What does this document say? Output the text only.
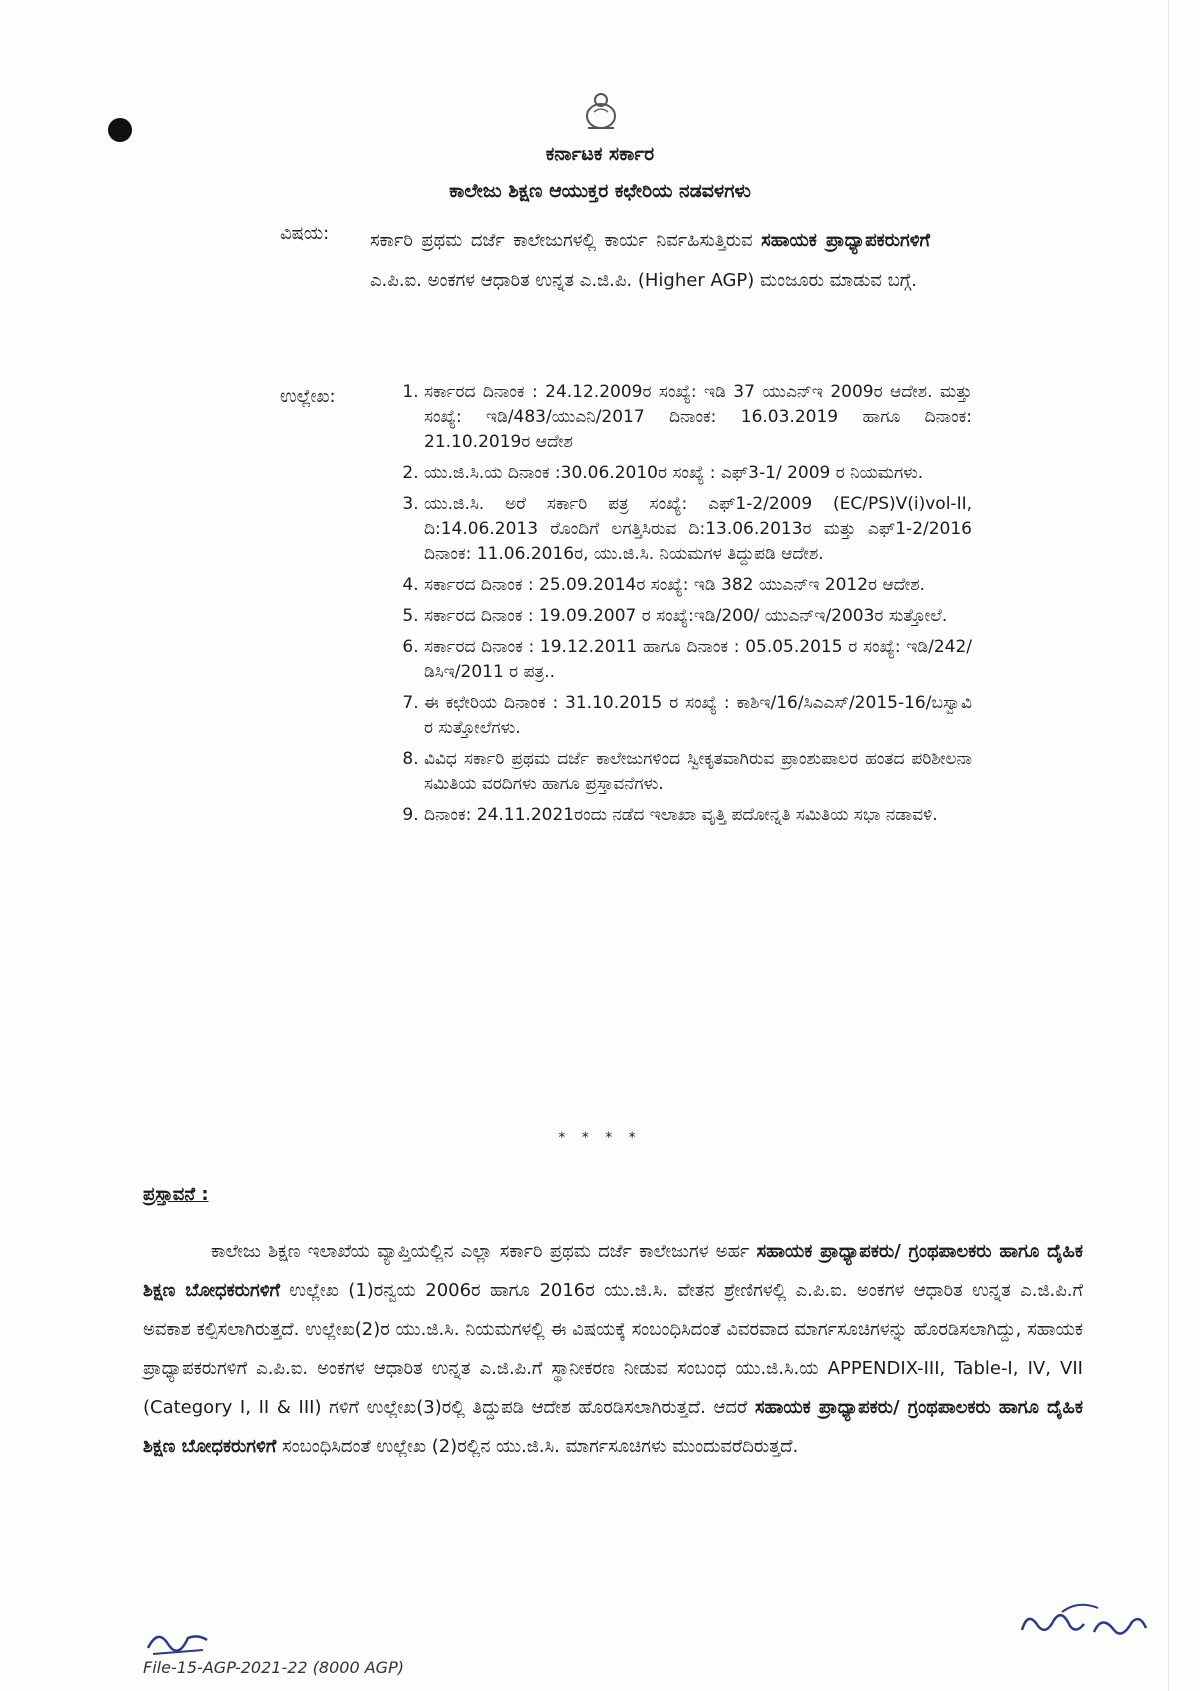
ಕರ್ನಾಟಕ ಸರ್ಕಾರ
ಕಾಲೇಜು ಶಿಕ್ಷಣ ಆಯುಕ್ತರ ಕಛೇರಿಯ ನಡವಳಗಳು
ವಿಷಯ: ಸರ್ಕಾರಿ ಪ್ರಥಮ ದರ್ಜೆ ಕಾಲೇಜುಗಳಲ್ಲಿ ಕಾರ್ಯ ನಿರ್ವಹಿಸುತ್ತಿರುವ ಸಹಾಯಕ ಪ್ರಾಧ್ಯಾಪಕರುಗಳಿಗೆ ಎ.ಪಿ.ಐ. ಅಂಕಗಳ ಆಧಾರಿತ ಉನ್ನತ ಎ.ಜಿ.ಪಿ. (Higher AGP) ಮಂಜೂರು ಮಾಡುವ ಬಗ್ಗೆ.
ಉಲ್ಲೇಖ:
1.	ಸರ್ಕಾರದ ದಿನಾಂಕ : 24.12.2009ರ ಸಂಖ್ಯೆ: ಇಡಿ 37 ಯುಎನ್ಇ 2009ರ ಆದೇಶ. ಮತ್ತು ಸಂಖ್ಯೆ: ಇಡಿ/483/ಯುಎನಿ/2017 ದಿನಾಂಕ: 16.03.2019 ಹಾಗೂ ದಿನಾಂಕ: 21.10.2019ರ ಆದೇಶ
2. ಯು.ಜಿ.ಸಿ.ಯ ದಿನಾಂಕ :30.06.2010ರ ಸಂಖ್ಯೆ : ಎಫ್3-1/ 2009 ರ ನಿಯಮಗಳು.
3. ಯು.ಜಿ.ಸಿ. ಅರೆ ಸರ್ಕಾರಿ ಪತ್ರ ಸಂಖ್ಯೆ: ಎಫ್1-2/2009 (EC/PS)V(i)vol-II, ದಿ:14.06.2013 ರೊಂದಿಗೆ ಲಗತ್ತಿಸಿರುವ ದಿ:13.06.2013ರ ಮತ್ತು ಎಫ್1-2/2016 ದಿನಾಂಕ: 11.06.2016ರ, ಯು.ಜಿ.ಸಿ. ನಿಯಮಗಳ ತಿದ್ದುಪಡಿ ಆದೇಶ.
4. ಸರ್ಕಾರದ ದಿನಾಂಕ : 25.09.2014ರ ಸಂಖ್ಯೆ: ಇಡಿ 382 ಯುಎನ್ಇ 2012ರ ಆದೇಶ.
5. ಸರ್ಕಾರದ ದಿನಾಂಕ : 19.09.2007 ರ ಸಂಖ್ಯೆ:ಇಡಿ/200/ ಯುಎನ್ಇ/2003ರ ಸುತ್ತೋಲೆ.
6. ಸರ್ಕಾರದ ದಿನಾಂಕ : 19.12.2011 ಹಾಗೂ ದಿನಾಂಕ : 05.05.2015 ರ ಸಂಖ್ಯೆ: ಇಡಿ/242/ಡಿಸಿಇ/2011 ರ ಪತ್ರ..
7. ಈ ಕಛೇರಿಯ ದಿನಾಂಕ : 31.10.2015 ರ ಸಂಖ್ಯೆ : ಕಾಶಿಇ/16/ಸಿಎಎಸ್/2015-16/ಬಸ್ವಾವಿ ರ ಸುತ್ತೋಲೆಗಳು.
8. ವಿವಿಧ ಸರ್ಕಾರಿ ಪ್ರಥಮ ದರ್ಜೆ ಕಾಲೇಜುಗಳಿಂದ ಸ್ವೀಕೃತವಾಗಿರುವ ಪ್ರಾಂಶುಪಾಲರ ಹಂತದ ಪರಿಶೀಲನಾ ಸಮಿತಿಯ ವರದಿಗಳು ಹಾಗೂ ಪ್ರಸ್ತಾವನೆಗಳು.
9. ದಿನಾಂಕ: 24.11.2021ರಂದು ನಡೆದ ಇಲಾಖಾ ವೃತ್ತಿ ಪದೋನ್ನತಿ ಸಮಿತಿಯ ಸಭಾ ನಡಾವಳಿ.
* * * *
ಪ್ರಸ್ತಾವನೆ :
ಕಾಲೇಜು ಶಿಕ್ಷಣ ಇಲಾಖೆಯ ವ್ಯಾಪ್ತಿಯಲ್ಲಿನ ಎಲ್ಲಾ ಸರ್ಕಾರಿ ಪ್ರಥಮ ದರ್ಜೆ ಕಾಲೇಜುಗಳ ಅರ್ಹ ಸಹಾಯಕ ಪ್ರಾಧ್ಯಾಪಕರು/ ಗ್ರಂಥಪಾಲಕರು ಹಾಗೂ ದೈಹಿಕ ಶಿಕ್ಷಣ ಬೋಧಕರುಗಳಿಗೆ ಉಲ್ಲೇಖ (1)ರನ್ವಯ 2006ರ ಹಾಗೂ 2016ರ ಯು.ಜಿ.ಸಿ. ವೇತನ ಶ್ರೇಣಿಗಳಲ್ಲಿ ಎ.ಪಿ.ಐ. ಅಂಕಗಳ ಆಧಾರಿತ ಉನ್ನತ ಎ.ಜಿ.ಪಿ.ಗೆ ಅವಕಾಶ ಕಲ್ಪಿಸಲಾಗಿರುತ್ತದೆ. ಉಲ್ಲೇಖ(2)ರ ಯು.ಜಿ.ಸಿ. ನಿಯಮಗಳಲ್ಲಿ ಈ ವಿಷಯಕ್ಕೆ ಸಂಬಂಧಿಸಿದಂತೆ ವಿವರವಾದ ಮಾರ್ಗಸೂಚಿಗಳನ್ನು ಹೊರಡಿಸಲಾಗಿದ್ದು, ಸಹಾಯಕ ಪ್ರಾಧ್ಯಾಪಕರುಗಳಿಗೆ ಎ.ಪಿ.ಐ. ಅಂಕಗಳ ಆಧಾರಿತ ಉನ್ನತ ಎ.ಜಿ.ಪಿ.ಗೆ ಸ್ಥಾನೀಕರಣ ನೀಡುವ ಸಂಬಂಧ ಯು.ಜಿ.ಸಿ.ಯ APPENDIX-III, Table-I, IV, VII (Category I, II & III) ಗಳಿಗೆ ಉಲ್ಲೇಖ(3)ರಲ್ಲಿ ತಿದ್ದುಪಡಿ ಆದೇಶ ಹೊರಡಿಸಲಾಗಿರುತ್ತದೆ. ಆದರೆ ಸಹಾಯಕ ಪ್ರಾಧ್ಯಾಪಕರು/ ಗ್ರಂಥಪಾಲಕರು ಹಾಗೂ ದೈಹಿಕ ಶಿಕ್ಷಣ ಬೋಧಕರುಗಳಿಗೆ ಸಂಬಂಧಿಸಿದಂತೆ ಉಲ್ಲೇಖ (2)ರಲ್ಲಿನ ಯು.ಜಿ.ಸಿ. ಮಾರ್ಗಸೂಚಿಗಳು ಮುಂದುವರೆದಿರುತ್ತದೆ.
File-15-AGP-2021-22 (8000 AGP)
